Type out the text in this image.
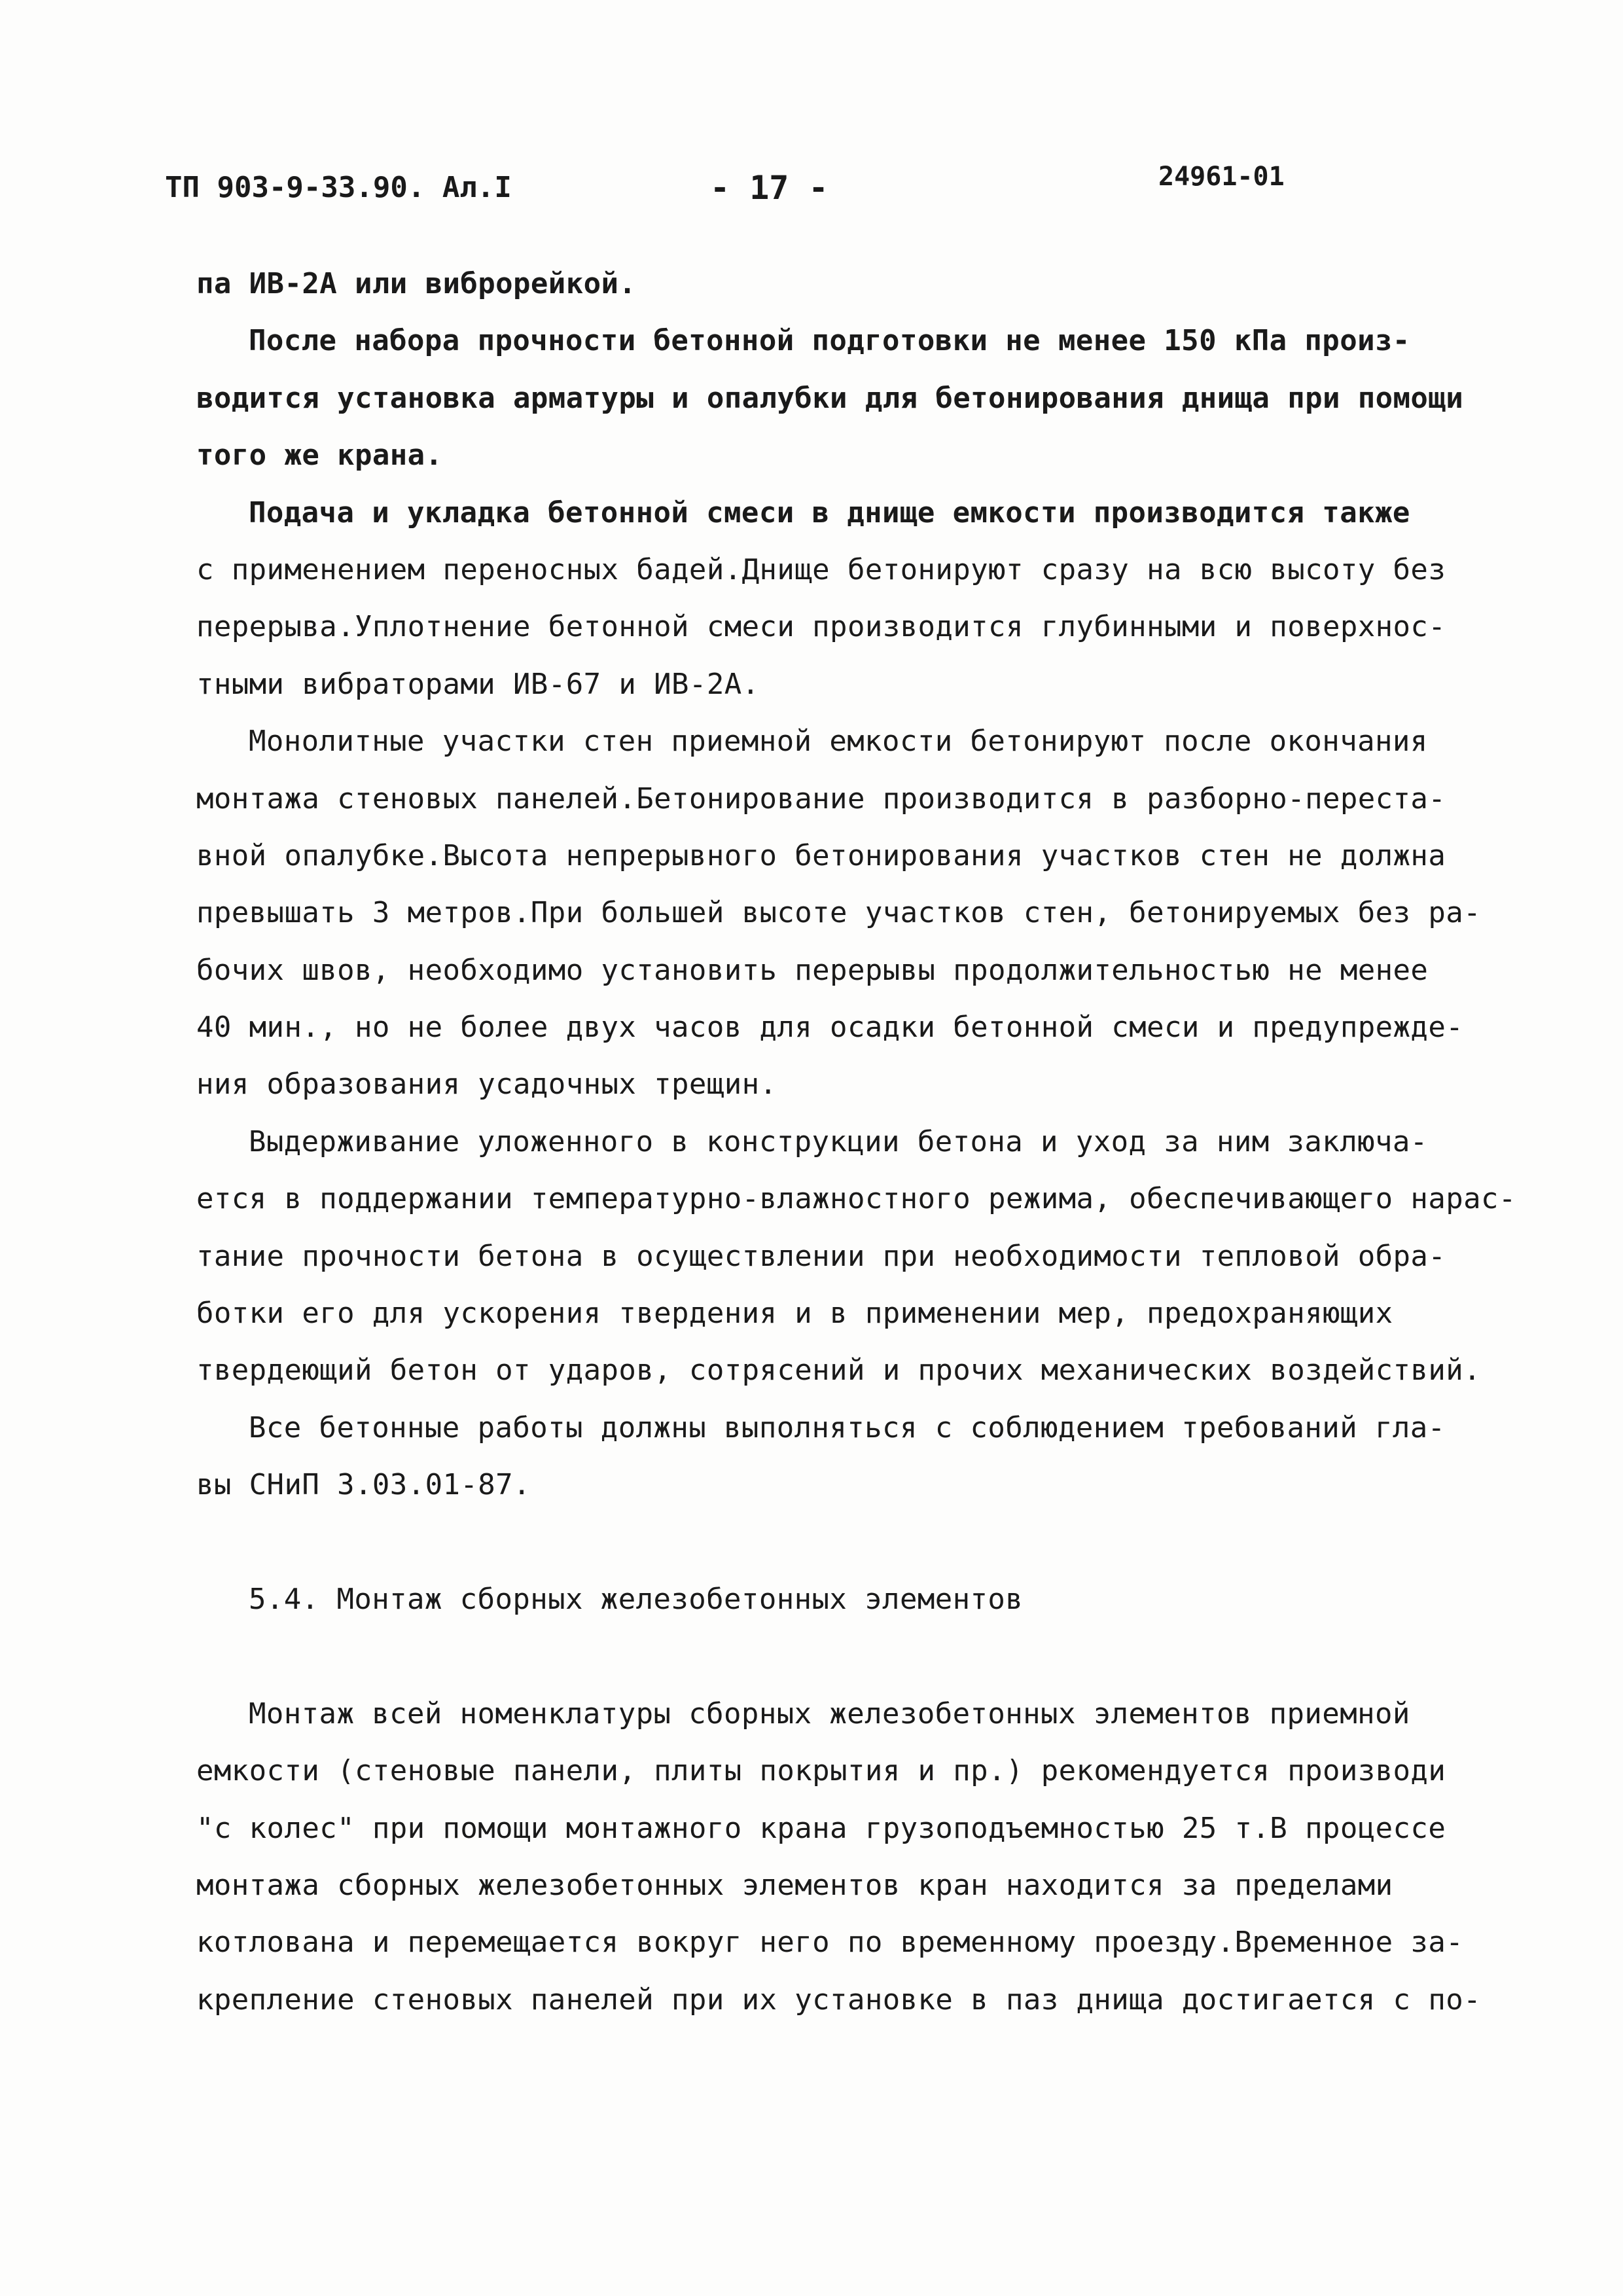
ТП 903-9-33.90. Ал.I	- 17 -	24961-01
па ИВ-2А или виброрейкой.
После набора прочности бетонной подготовки не менее 150 кПа произ-
водится установка арматуры и опалубки для бетонирования днища при помощи
того же крана.
Подача и укладка бетонной смеси в днище емкости производится также
с применением переносных бадей.Днище бетонируют сразу на всю высоту без
перерыва.Уплотнение бетонной смеси производится глубинными и поверхнос-
тными вибраторами ИВ-67 и ИВ-2А.
Монолитные участки стен приемной емкости бетонируют после окончания
монтажа стеновых панелей.Бетонирование производится в разборно-переста-
вной опалубке.Высота непрерывного бетонирования участков стен не должна
превышать 3 метров.При большей высоте участков стен, бетонируемых без ра-
бочих швов, необходимо установить перерывы продолжительностью не менее
40 мин., но не более двух часов для осадки бетонной смеси и предупрежде-
ния образования усадочных трещин.
Выдерживание уложенного в конструкции бетона и уход за ним заключа-
ется в поддержании температурно-влажностного режима, обеспечивающего нарас-
тание прочности бетона в осуществлении при необходимости тепловой обра-
ботки его для ускорения твердения и в применении мер, предохраняющих
твердеющий бетон от ударов, сотрясений и прочих механических воздействий.
Все бетонные работы должны выполняться с соблюдением требований гла-
вы СНиП 3.03.01-87.
5.4. Монтаж сборных железобетонных элементов
Монтаж всей номенклатуры сборных железобетонных элементов приемной
емкости (стеновые панели, плиты покрытия и пр.) рекомендуется производи
"с колес" при помощи монтажного крана грузоподъемностью 25 т.В процессе
монтажа сборных железобетонных элементов кран находится за пределами
котлована и перемещается вокруг него по временному проезду.Временное за-
крепление стеновых панелей при их установке в паз днища достигается с по-
